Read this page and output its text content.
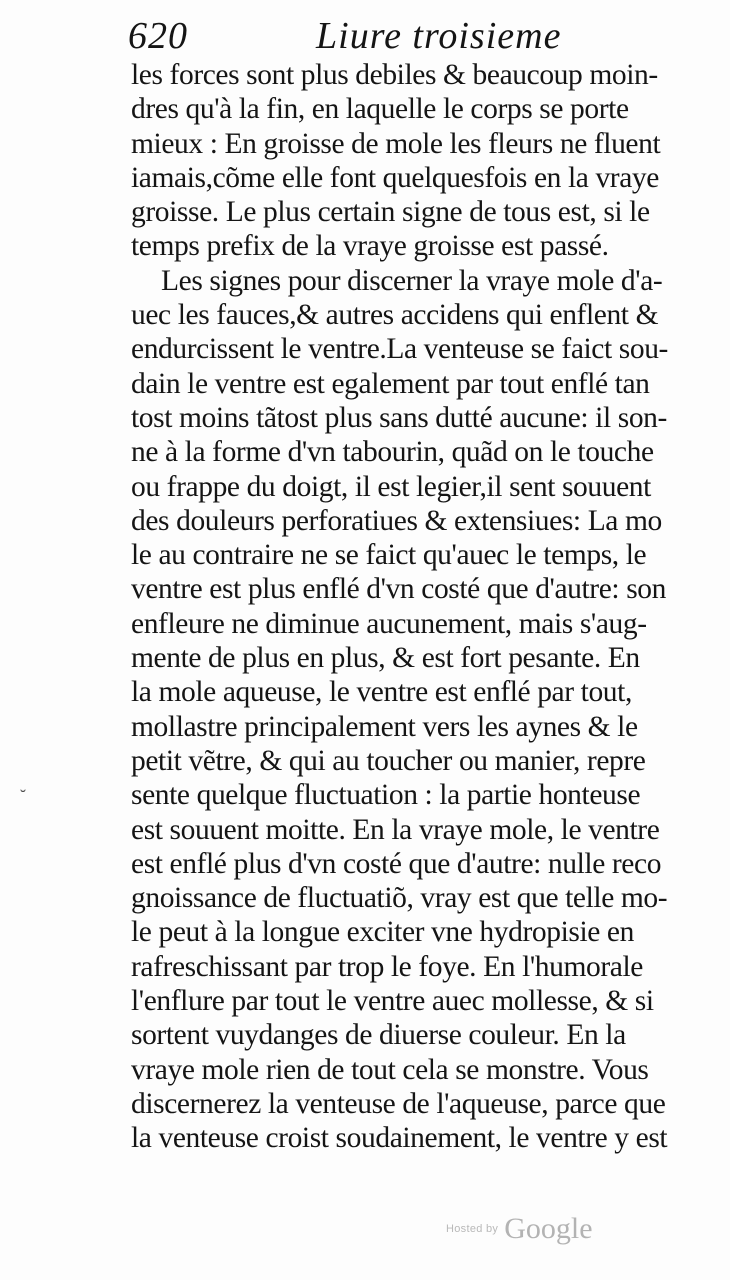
620	Liure troisieme
les forces sont plus debiles & beaucoup moin-
dres qu'à la fin, en laquelle le corps se porte
mieux : En groisse de mole les fleurs ne fluent
iamais,cõme elle font quelquesfois en la vraye
groisse. Le plus certain signe de tous est, si le
temps prefix de la vraye groisse est passé.
Les signes pour discerner la vraye mole d'a-
uec les fauces,& autres accidens qui enflent &
endurcissent le ventre.La venteuse se faict sou-
dain le ventre est egalement par tout enflé tan
tost moins tãtost plus sans dutté aucune: il son-
ne à la forme d'vn tabourin, quãd on le touche
ou frappe du doigt, il est legier,il sent souuent
des douleurs perforatiues & extensiues: La mo
le au contraire ne se faict qu'auec le temps, le
ventre est plus enflé d'vn costé que d'autre: son
enfleure ne diminue aucunement, mais s'aug-
mente de plus en plus, & est fort pesante. En
la mole aqueuse, le ventre est enflé par tout,
mollastre principalement vers les aynes & le
petit vẽtre, & qui au toucher ou manier, repre
sente quelque fluctuation : la partie honteuse
est souuent moitte. En la vraye mole, le ventre
est enflé plus d'vn costé que d'autre: nulle reco
gnoissance de fluctuatiõ, vray est que telle mo-
le peut à la longue exciter vne hydropisie en
rafreschissant par trop le foye. En l'humorale
l'enflure par tout le ventre auec mollesse, & si
sortent vuydanges de diuerse couleur. En la
vraye mole rien de tout cela se monstre. Vous
discernerez la venteuse de l'aqueuse, parce que
la venteuse croist soudainement, le ventre y est
˘
Hosted by Google
